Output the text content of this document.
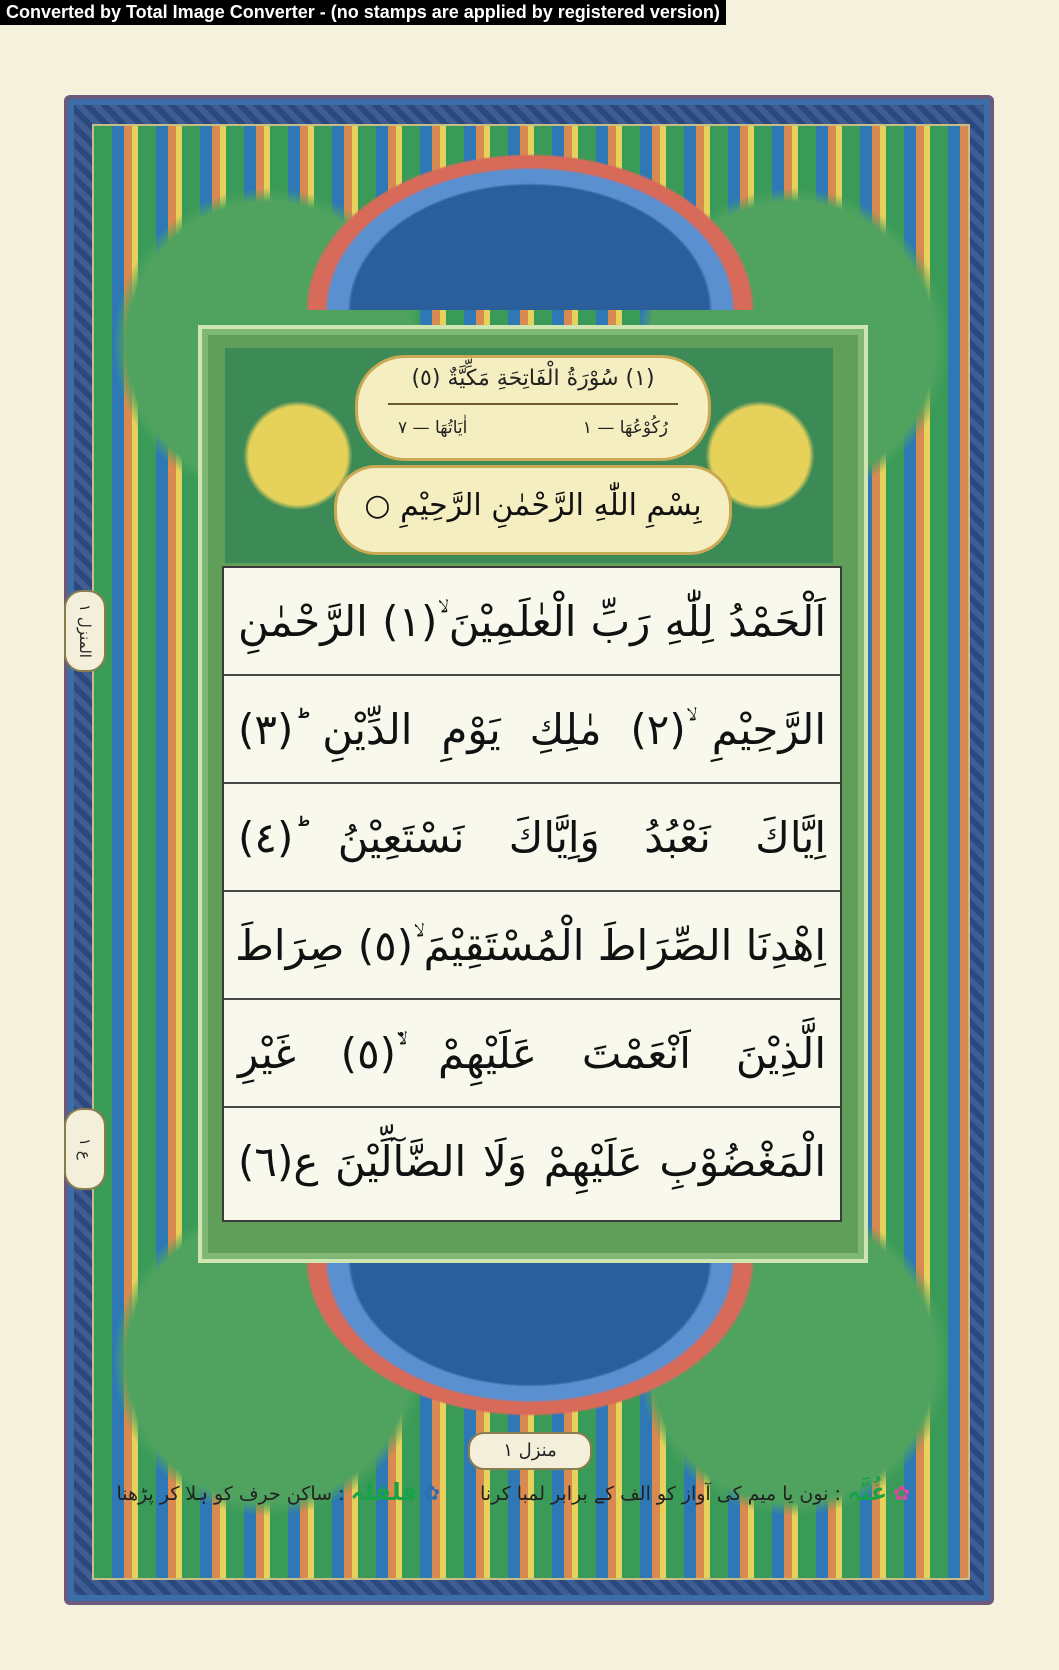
Converted by Total Image Converter - (no stamps are applied by registered version)
المنزل ١
ع ١
(١) سُوْرَةُ الْفَاتِحَةِ مَكِّيَّةٌ (٥)
اٰيَاتُهَا — ٧	رُكُوْعُهَا — ١
بِسْمِ اللّٰهِ الرَّحْمٰنِ الرَّحِيْمِ ○
اَلْحَمْدُ لِلّٰهِ رَبِّ الْعٰلَمِيْنَ ۙ(١) الرَّحْمٰنِ
الرَّحِيْمِ ۙ(٢) مٰلِكِ يَوْمِ الدِّيْنِ ؕ(٣)
اِيَّاكَ نَعْبُدُ وَاِيَّاكَ نَسْتَعِيْنُ ؕ(٤)
اِهْدِنَا الصِّرَاطَ الْمُسْتَقِيْمَ ۙ(٥) صِرَاطَ
الَّذِيْنَ اَنْعَمْتَ عَلَيْهِمْ ۙ۬(٥) غَيْرِ
الْمَغْضُوْبِ عَلَيْهِمْ وَلَا الضَّآلِّيْنَ ع(٦)
منزل ١
✿ غُنَّہ : نون یا میم کی آواز کو الف کے برابر لمبا کرنا
✿ قلقلہ : ساکن حرف کو ہلا کر پڑھنا
